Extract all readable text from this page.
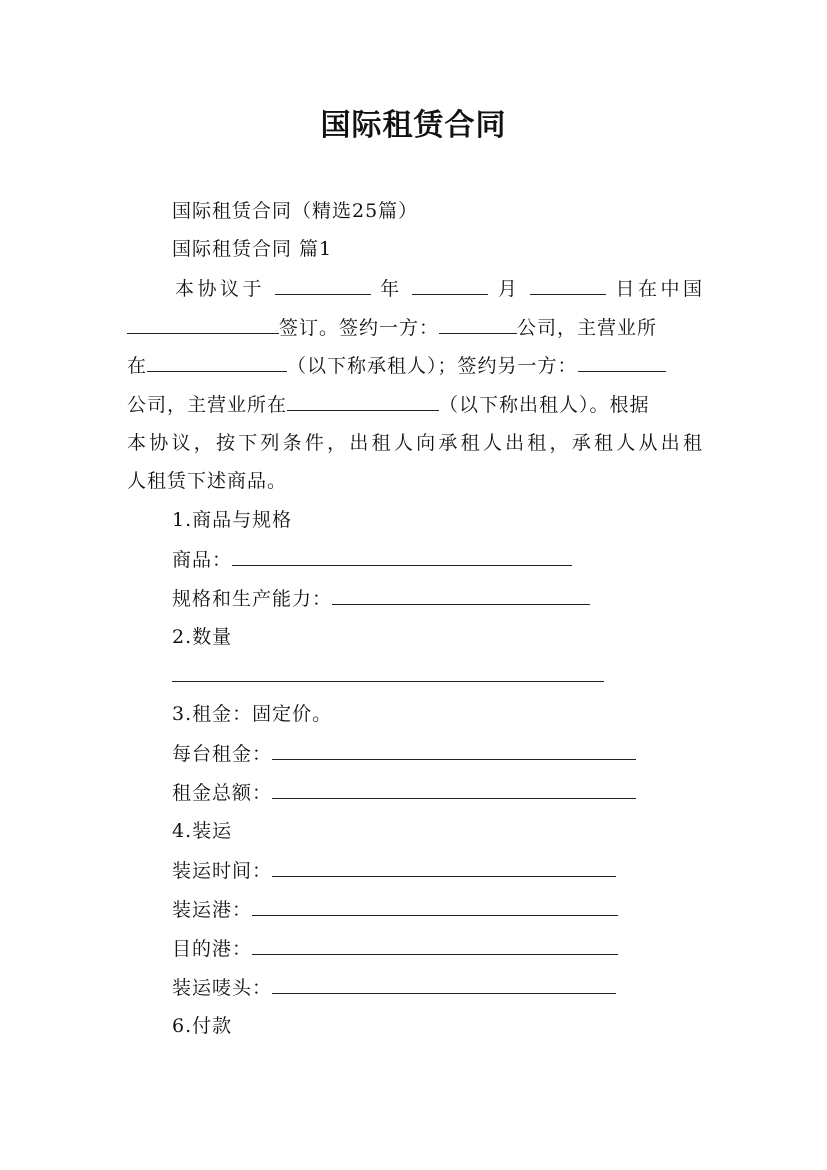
国际租赁合同
国际租赁合同（精选25篇）
国际租赁合同 篇1
本协议于	年	月	日在中国
签订。签约一方：	公司，主营业所
在	（以下称承租人）；签约另一方：
公司，主营业所在	（以下称出租人）。根据
本协议，按下列条件，出租人向承租人出租，承租人从出租
人租赁下述商品。
1.商品与规格
商品：
规格和生产能力：
2.数量
3.租金：固定价。
每台租金：
租金总额：
4.装运
装运时间：
装运港：
目的港：
装运唛头：
6.付款
